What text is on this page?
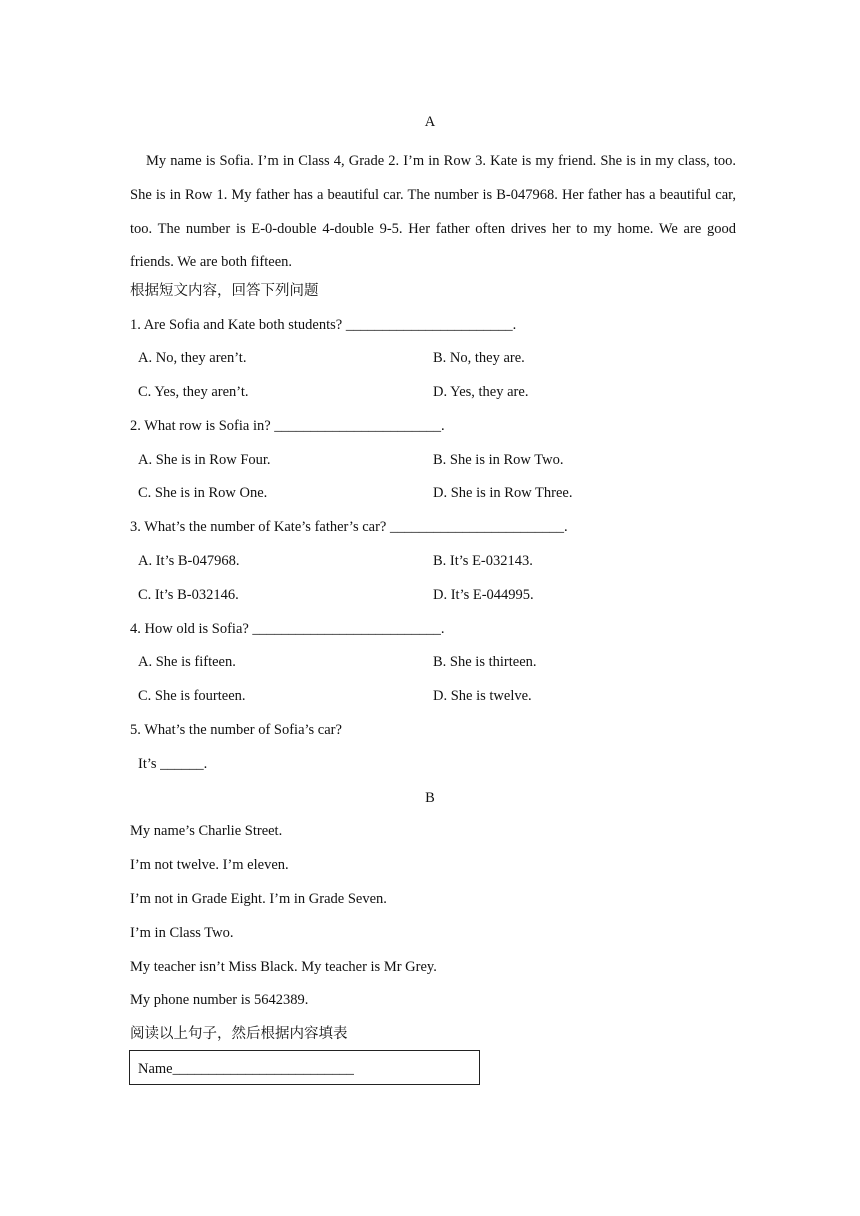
A

My name is Sofia. I’m in Class 4, Grade 2. I’m in Row 3. Kate is my friend. She is in my class, too. She is in Row 1. My father has a beautiful car. The number is B-047968. Her father has a beautiful car, too. The number is E-0-double 4-double 9-5. Her father often drives her to my home. We are good friends. We are both fifteen.

根据短文内容，回答下列问题
1. Are Sofia and Kate both students? _______________________.
A. No, they aren’t.	B. No, they are.
C. Yes, they aren’t.	D. Yes, they are.
2. What row is Sofia in? _______________________.
A. She is in Row Four.	B. She is in Row Two.
C. She is in Row One.	D. She is in Row Three.
3. What’s the number of Kate’s father’s car? ________________________.
A. It’s B-047968.	B. It’s E-032143.
C. It’s B-032146.	D. It’s E-044995.
4. How old is Sofia? __________________________.
A. She is fifteen.	B. She is thirteen.
C. She is fourteen.	D. She is twelve.
5. What’s the number of Sofia’s car?
It’s ______.
B
My name’s Charlie Street.
I’m not twelve. I’m eleven.
I’m not in Grade Eight. I’m in Grade Seven.
I’m in Class Two.
My teacher isn’t Miss Black. My teacher is Mr Grey.
My phone number is 5642389.
阅读以上句子，然后根据内容填表
Name_________________________
